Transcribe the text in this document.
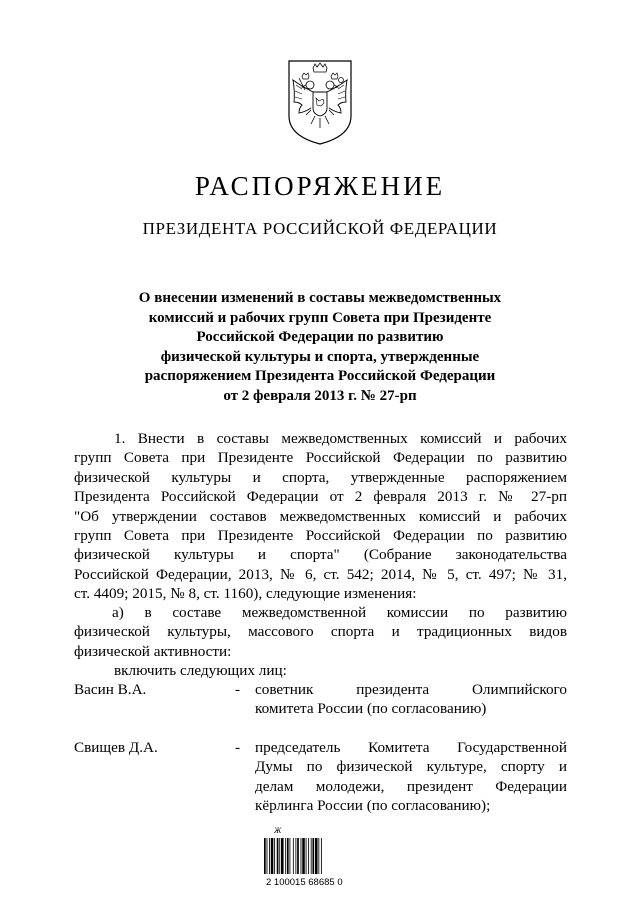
РАСПОРЯЖЕНИЕ
ПРЕЗИДЕНТА РОССИЙСКОЙ ФЕДЕРАЦИИ
О внесении изменений в составы межведомственных
комиссий и рабочих групп Совета при Президенте
Российской Федерации по развитию
физической культуры и спорта, утвержденные
распоряжением Президента Российской Федерации
от 2 февраля 2013 г. № 27-рп
1. Внести в составы межведомственных комиссий и рабочих
групп Совета при Президенте Российской Федерации по развитию
физической культуры и спорта, утвержденные распоряжением
Президента Российской Федерации от 2 февраля 2013 г. № 27-рп
"Об утверждении составов межведомственных комиссий и рабочих
групп Совета при Президенте Российской Федерации по развитию
физической культуры и спорта" (Собрание законодательства
Российской Федерации, 2013, № 6, ст. 542; 2014, № 5, ст. 497; № 31,
ст. 4409; 2015, № 8, ст. 1160), следующие изменения:
а) в составе межведомственной комиссии по развитию
физической культуры, массового спорта и традиционных видов
физической активности:
включить следующих лиц:
Васин В.А.	- советник президента Олимпийского
комитета России (по согласованию)
Свищев Д.А.	- председатель Комитета Государственной
Думы по физической культуре, спорту и
делам молодежи, президент Федерации
кёрлинга России (по согласованию);
Ж
2 100015 68685 0
